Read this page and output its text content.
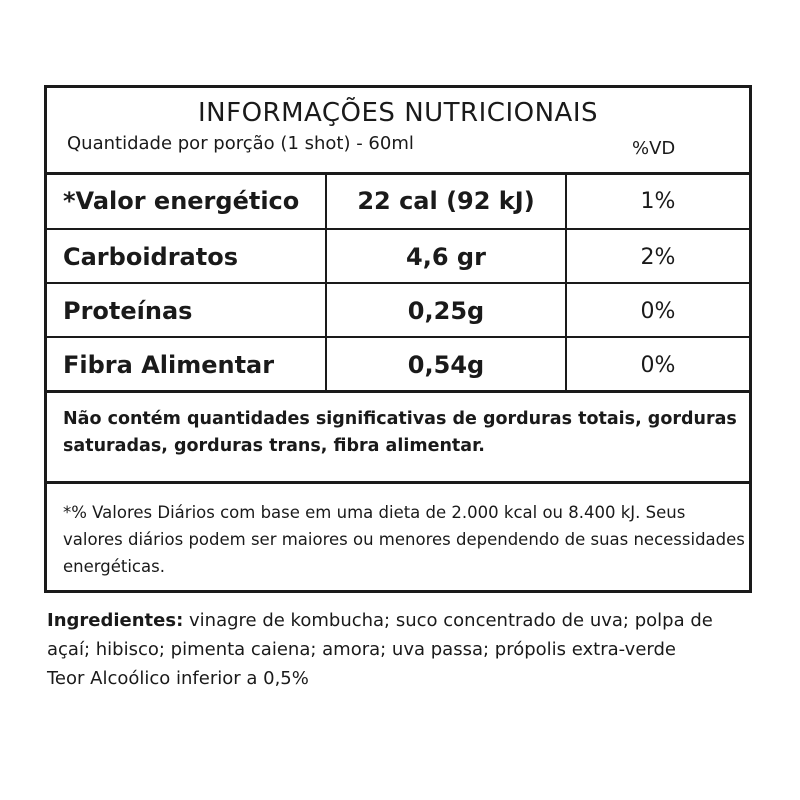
INFORMAÇÕES NUTRICIONAIS
Quantidade por porção (1 shot) - 60ml	%VD
*Valor energético	22 cal (92 kJ)	1%
Carboidratos	4,6 gr	2%
Proteínas	0,25g	0%
Fibra Alimentar	0,54g	0%
Não contém quantidades significativas de gorduras totais, gorduras saturadas, gorduras trans, fibra alimentar.
*% Valores Diários com base em uma dieta de 2.000 kcal ou 8.400 kJ. Seus valores diários podem ser maiores ou menores dependendo de suas necessidades energéticas.
Ingredientes: vinagre de kombucha; suco concentrado de uva; polpa de açaí; hibisco; pimenta caiena; amora; uva passa; própolis extra-verde
Teor Alcoólico inferior a 0,5%
